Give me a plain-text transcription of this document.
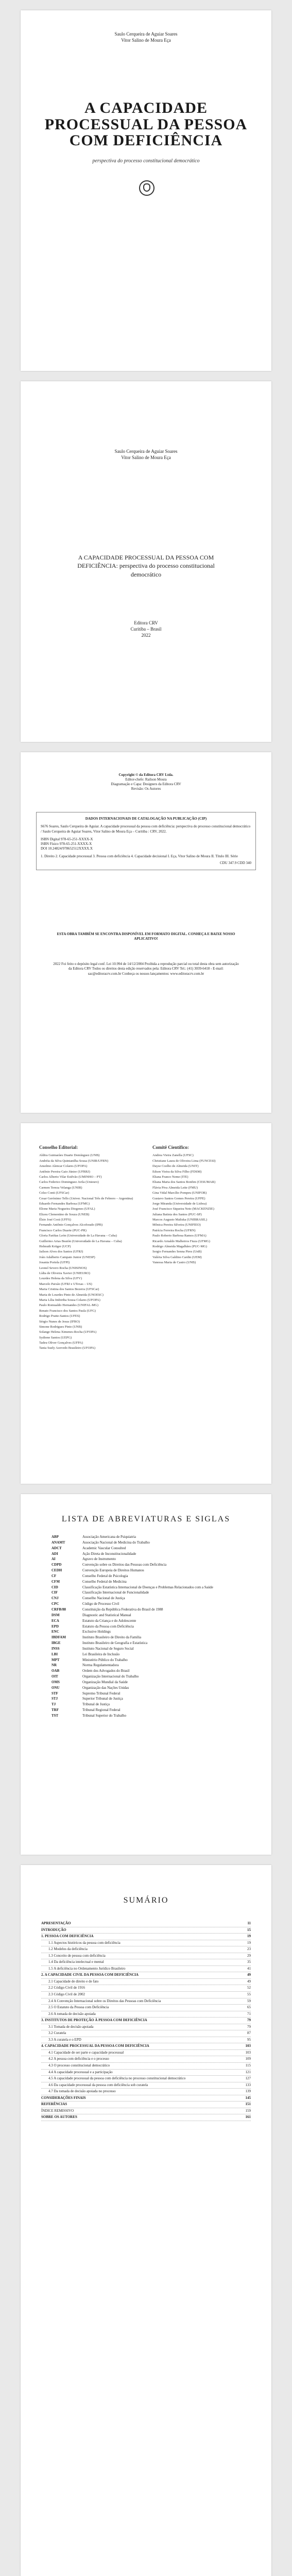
Saulo Cerqueira de Aguiar Soares
Vitor Salino de Moura Eça
A CAPACIDADE PROCESSUAL DA PESSOA COM DEFICIÊNCIA
perspectiva do processo constitucional democrático
Saulo Cerqueira de Aguiar Soares
Vitor Salino de Moura Eça
A CAPACIDADE PROCESSUAL DA PESSOA COM DEFICIÊNCIA: perspectiva do processo constitucional democrático
Editora CRV
Curitiba – Brasil
2022
Copyright © da Editora CRV Ltda.
Editor-chefe: Railson Moura
Diagramação e Capa: Designers da Editora CRV
Revisão: Os Autores
DADOS INTERNACIONAIS DE CATALOGAÇÃO NA PUBLICAÇÃO (CIP)
S676 Soares, Saulo Cerqueira de Aguiar. A capacidade processual da pessoa com deficiência: perspectiva do processo constitucional democrático / Saulo Cerqueira de Aguiar Soares, Vitor Salino de Moura Eça – Curitiba : CRV, 2022.
ISBN Digital 978-65-251-XXXX-X
ISBN Físico 978-65-251-XXXX-X
DOI 10.24824/978652512XXXX.X
1. Direito 2. Capacidade processual 3. Pessoa com deficiência 4. Capacidade decisional I. Eça, Vitor Salino de Moura II. Título III. Série
CDU 347.9 CDD 340
ESTA OBRA TAMBÉM SE ENCONTRA DISPONÍVEL EM FORMATO DIGITAL. CONHEÇA E BAIXE NOSSO APLICATIVO!
2022 Foi feito o depósito legal conf. Lei 10.994 de 14/12/2004 Proibida a reprodução parcial ou total desta obra sem autorização da Editora CRV Todos os direitos desta edição reservados pela: Editora CRV Tel.: (41) 3039-6418 - E-mail: sac@editoracrv.com.br Conheça os nossos lançamentos: www.editoracrv.com.br
Conselho Editorial:
Aldira Guimarães Duarte Domínguez (UNB)
Andréia da Silva Quintanilha Sousa (UNIR/UFRN)
Anselmo Alencar Colares (UFOPA)
Antônio Pereira Gaio Júnior (UFRRJ)
Carlos Alberto Vilar Estêvão (UMINHO – PT)
Carlos Federico Dominguez Avila (Unieuro)
Carmen Tereza Velanga (UNIR)
Celso Conti (UFSCar)
Cesar Gerónimo Tello (Univer. Nacional Três de Febrero – Argentina)
Eduardo Fernandes Barbosa (UFMG)
Elione Maria Nogueira Diogenes (UFAL)
Elizeu Clementino de Souza (UNEB)
Élsio José Corá (UFFS)
Fernando Antônio Gonçalves Alcoforado (IPB)
Francisco Carlos Duarte (PUC-PR)
Gloria Fariñas León (Universidade de La Havana – Cuba)
Guillermo Arias Beatón (Universidade de La Havana – Cuba)
Helmuth Krüger (UCP)
Jailson Alves dos Santos (UFRJ)
João Adalberto Campato Junior (UNESP)
Josania Portela (UFPI)
Leonel Severo Rocha (UNISINOS)
Lídia de Oliveira Xavier (UNIEURO)
Lourdes Helena da Silva (UFV)
Marcelo Paixão (UFRJ e UTexas – US)
Maria Cristina dos Santos Bezerra (UFSCar)
Maria de Lourdes Pinto de Almeida (UNOESC)
Maria Lília Imbiriba Sousa Colares (UFOPA)
Paulo Romualdo Hernandes (UNIFAL-MG)
Renato Francisco dos Santos Paula (UFG)
Rodrigo Pratte-Santos (UFES)
Sérgio Nunes de Jesus (IFRO)
Simone Rodrigues Pinto (UNB)
Solange Helena Ximenes-Rocha (UFOPA)
Sydione Santos (UEPG)
Tadeu Oliver Gonçalves (UFPA)
Tania Suely Azevedo Brasileiro (UFOPA)
Comitê Científico:
Andrea Vieira Zanella (UFSC)
Christiane Laura de Oliveira Lima (FUNCESI)
Dayse Coelho de Almeida (UNIT)
Edson Vieira da Silva Filho (FDSM)
Eliana Franco Neme (ITE)
Eliana Maria dos Santos Bonfim (CESUMAR)
Flávia Piva Almeida Leite (FMU)
Gina Vidal Marcílio Pompeu (UNIFOR)
Gustavo Santos Gomes Pereira (UFPE)
Jorge Miranda (Universidade de Lisboa)
José Francisco Siqueira Neto (MACKENZIE)
Juliana Batista dos Santos (PUC-SP)
Marcos Augusto Maliska (UNIBRASIL)
Mônica Pereira Silveira (UNIFIEO)
Patrícia Ferreira Rocha (UFRN)
Paulo Roberto Barbosa Ramos (UFMA)
Ricardo Arnaldo Malheiros Fiuza (UFMG)
Rodrigo Almeida Magalhães (PUC-MG)
Sergio Fernandes Senna Pires (UnB)
Valéria Silva Galdino Cardin (UEM)
Vanessa Maria de Castro (UNB)
LISTA DE ABREVIATURAS E SIGLAS
ABP	Associação Americana de Psiquiatria
ANAMT	Associação Nacional de Medicina do Trabalho
ADCT	Academic Vascular Consulted
ADI	Ação Direta de Inconstitucionalidade
AI	Agravo de Instrumento
CDPD	Convenção sobre os Direitos das Pessoas com Deficiência
CEDH	Convenção Europeia de Direitos Humanos
CF	Conselho Federal de Psicologia
CFM	Conselho Federal de Medicina
CID	Classificação Estatística Internacional de Doenças e Problemas Relacionados com a Saúde
CIF	Classificação Internacional de Funcionalidade
CNJ	Conselho Nacional de Justiça
CPC	Código de Processo Civil
CRFB/88	Constituição da República Federativa do Brasil de 1988
DSM	Diagnostic and Statistical Manual
ECA	Estatuto da Criança e do Adolescente
EPD	Estatuto da Pessoa com Deficiência
ENC	Exclusive Holdings
IBDFAM	Instituto Brasileiro de Direito da Família
IBGE	Instituto Brasileiro de Geografia e Estatística
INSS	Instituto Nacional de Seguro Social
LBI	Lei Brasileira de Inclusão
MPT	Ministério Público do Trabalho
NR	Norma Regulamentadora
OAB	Ordem dos Advogados do Brasil
OIT	Organização Internacional do Trabalho
OMS	Organização Mundial da Saúde
ONU	Organização das Nações Unidas
STF	Supremo Tribunal Federal
STJ	Superior Tribunal de Justiça
TJ	Tribunal de Justiça
TRF	Tribunal Regional Federal
TST	Tribunal Superior do Trabalho
SUMÁRIO
APRESENTAÇÃO	11
INTRODUÇÃO	15
1. PESSOA COM DEFICIÊNCIA	19
1.1 Aspectos históricos da pessoa com deficiência	19
1.2 Modelos da deficiência	23
1.3 Conceito de pessoa com deficiência	29
1.4 Da deficiência intelectual e mental	35
1.5 A deficiência no Ordenamento Jurídico Brasileiro	41
2. A CAPACIDADE CIVIL DA PESSOA COM DEFICIÊNCIA	49
2.1 Capacidade de direito e de fato	49
2.2 Código Civil de 1916	52
2.3 Código Civil de 2002	55
2.4 A Convenção Internacional sobre os Direitos das Pessoas com Deficiência	59
2.5 O Estatuto da Pessoa com Deficiência	65
2.6 A tomada de decisão apoiada	71
3. INSTITUTOS DE PROTEÇÃO À PESSOA COM DEFICIÊNCIA	79
3.1 Tomada de decisão apoiada	79
3.2 Curatela	87
3.3 A curatela e o EPD	95
4. CAPACIDADE PROCESSUAL DA PESSOA COM DEFICIÊNCIA	103
4.1 Capacidade de ser parte e capacidade processual	103
4.2 A pessoa com deficiência e o processo	109
4.3 O processo constitucional democrático	115
4.4 A capacidade processual e a participação	121
4.5 A capacidade processual da pessoa com deficiência no processo constitucional democrático	127
4.6 Da capacidade processual da pessoa com deficiência sob curatela	133
4.7 Da tomada de decisão apoiada no processo	139
CONSIDERAÇÕES FINAIS	145
REFERÊNCIAS	151
ÍNDICE REMISSIVO	159
SOBRE OS AUTORES	161
